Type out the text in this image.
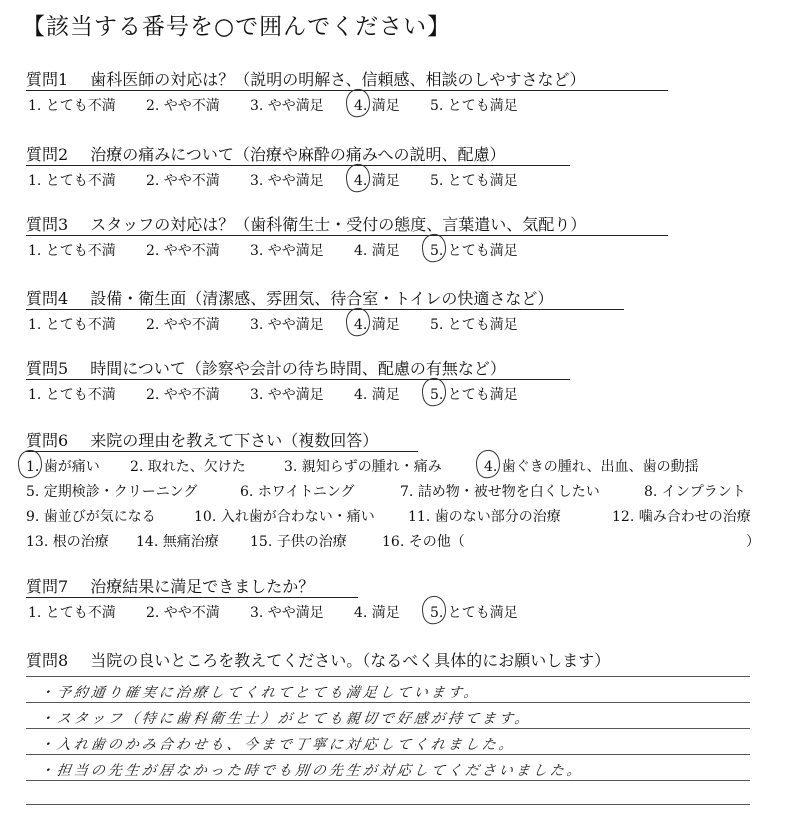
【該当する番号を○で囲んでください】
質問1 歯科医師の対応は？（説明の明解さ、信頼感、相談のしやすさなど）
1. とても不満 2. やや不満 3. やや満足 4. 満足 5. とても満足
質問2 治療の痛みについて（治療や麻酔の痛みへの説明、配慮）
1. とても不満 2. やや不満 3. やや満足 4. 満足 5. とても満足
質問3 スタッフの対応は？（歯科衛生士・受付の態度、言葉遣い、気配り）
1. とても不満 2. やや不満 3. やや満足 4. 満足 5. とても満足
質問4 設備・衛生面（清潔感、雰囲気、待合室・トイレの快適さなど）
1. とても不満 2. やや不満 3. やや満足 4. 満足 5. とても満足
質問5 時間について（診察や会計の待ち時間、配慮の有無など）
1. とても不満 2. やや不満 3. やや満足 4. 満足 5. とても満足
質問6 来院の理由を教えて下さい（複数回答）
1. 歯が痛い 2. 取れた、欠けた	3. 親知らずの腫れ・痛み	4. 歯ぐきの腫れ、出血、歯の動揺
5. 定期検診・クリーニング	6. ホワイトニング	7. 詰め物・被せ物を白くしたい	8. インプラント
9. 歯並びが気になる	10. 入れ歯が合わない・痛い 11. 歯のない部分の治療	12. 噛み合わせの治療
13. 根の治療 14. 無痛治療 15. 子供の治療	16. その他（	）
質問7 治療結果に満足できましたか？
1. とても不満 2. やや不満 3. やや満足 4. 満足 5. とても満足
質問8 当院の良いところを教えてください。（なるべく具体的にお願いします）
・予約通り確実に治療してくれてとても満足しています。
・スタッフ（特に歯科衛生士）がとても親切で好感が持てます。
・入れ歯のかみ合わせも、今まで丁寧に対応してくれました。
・担当の先生が居なかった時でも別の先生が対応してくださいました。
